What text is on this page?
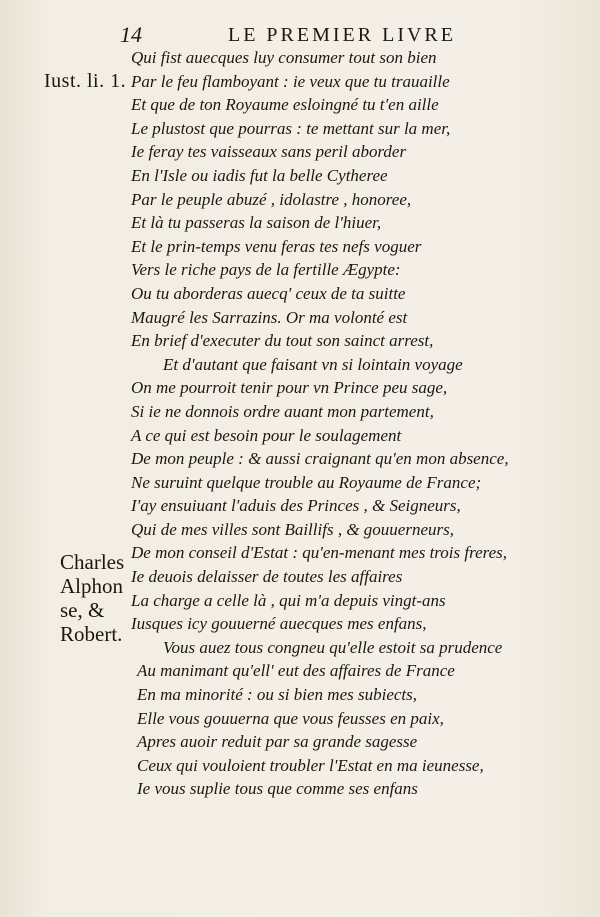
14	LE PREMIER LIVRE
Iust. li. 1.
Charles
Alphon
se, &
Robert.
Qui fist auecques luy consumer tout son bien
Par le feu flamboyant : ie veux que tu trauaille
Et que de ton Royaume esloingné tu t'en aille
Le plustost que pourras : te mettant sur la mer,
Ie feray tes vaisseaux sans peril aborder
En l'Isle ou iadis fut la belle Cytheree
Par le peuple abuzé , idolastre , honoree,
Et là tu passeras la saison de l'hiuer,
Et le prin-temps venu feras tes nefs voguer
Vers le riche pays de la fertille Ægypte:
Ou tu aborderas auecq' ceux de ta suitte
Maugré les Sarrazins. Or ma volonté est
En brief d'executer du tout son sainct arrest,
Et d'autant que faisant vn si lointain voyage
On me pourroit tenir pour vn Prince peu sage,
Si ie ne donnois ordre auant mon partement,
A ce qui est besoin pour le soulagement
De mon peuple : & aussi craignant qu'en mon absence,
Ne suruint quelque trouble au Royaume de France;
I'ay ensuiuant l'aduis des Princes , & Seigneurs,
Qui de mes villes sont Baillifs , & gouuerneurs,
De mon conseil d'Estat : qu'en-menant mes trois freres,
Ie deuois delaisser de toutes les affaires
La charge a celle là , qui m'a depuis vingt-ans
Iusques icy gouuerné auecques mes enfans,
Vous auez tous congneu qu'elle estoit sa prudence
Au manimant qu'ell' eut des affaires de France
En ma minorité : ou si bien mes subiects,
Elle vous gouuerna que vous feusses en paix,
Apres auoir reduit par sa grande sagesse
Ceux qui vouloient troubler l'Estat en ma ieunesse,
Ie vous suplie tous que comme ses enfans
